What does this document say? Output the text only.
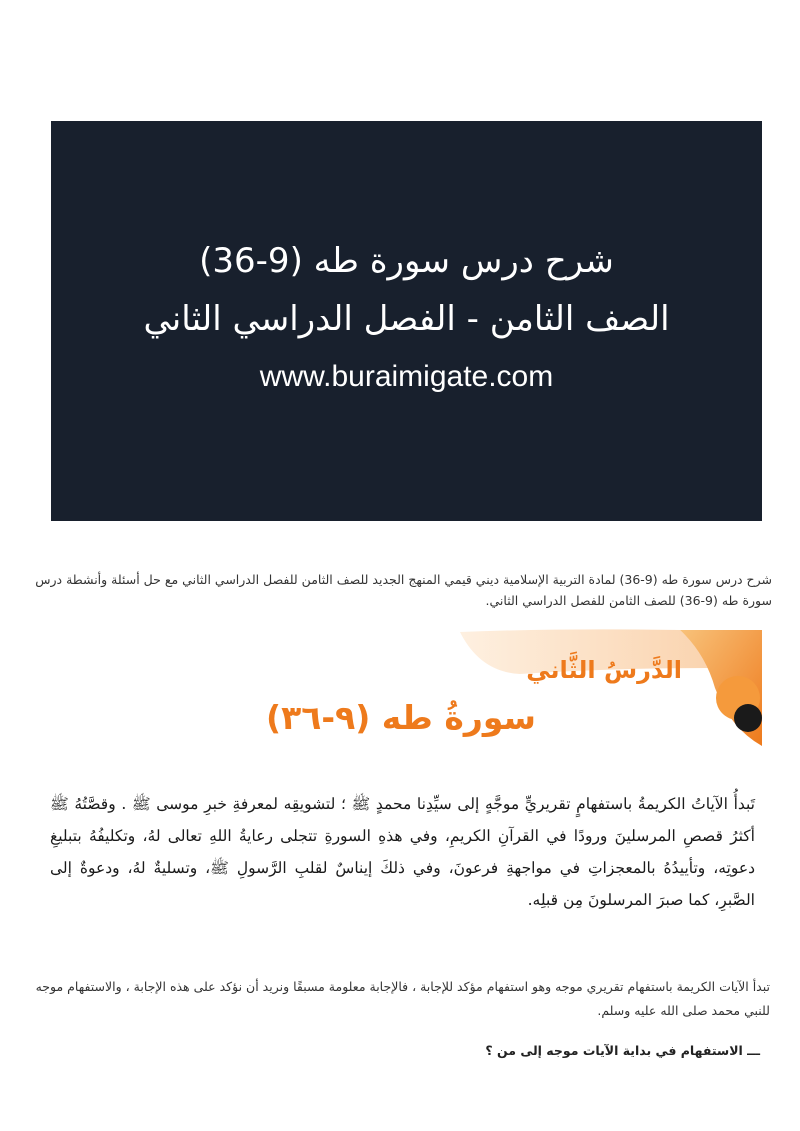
شرح درس سورة طه (9-36)
الصف الثامن - الفصل الدراسي الثاني
www.buraimigate.com

شرح درس سورة طه (9-36) لمادة التربية الإسلامية ديني قيمي المنهج الجديد للصف الثامن للفصل الدراسي الثاني مع حل أسئلة وأنشطة درس سورة طه (9-36) للصف الثامن للفصل الدراسي الثاني.

الدَّرسُ الثَّاني
سورةُ طه (٩-٣٦)

تَبدأُ الآياتُ الكريمةُ باستفهامٍ تقريريٍّ موجَّهٍ إلى سيِّدِنا محمدٍ ﷺ ؛ لتشويقِه لمعرفةِ خبرِ موسى ﷺ . وقصَّتُهُ ﷺ أكثرُ قصصِ المرسلينَ ورودًا في القرآنِ الكريمِ، وفي هذهِ السورةِ تتجلى رعايةُ اللهِ تعالى لهُ، وتكليفُهُ بتبليغِ دعوتِه، وتأييدُهُ بالمعجزاتِ في مواجهةِ فرعونَ، وفي ذلكَ إيناسٌ لقلبِ الرَّسولِ ﷺ، وتسليةٌ لهُ، ودعوةٌ إلى الصَّبرِ، كما صبرَ المرسلونَ مِن قبلِه.

تبدأ الآيات الكريمة باستفهام تقريري موجه وهو استفهام مؤكد للإجابة ، فالإجابة معلومة مسبقًا ونريد أن نؤكد على هذه الإجابة ، والاستفهام موجه للنبي محمد صلى الله عليه وسلم.

ـــ الاستفهام في بداية الآيات موجه إلى من ؟
